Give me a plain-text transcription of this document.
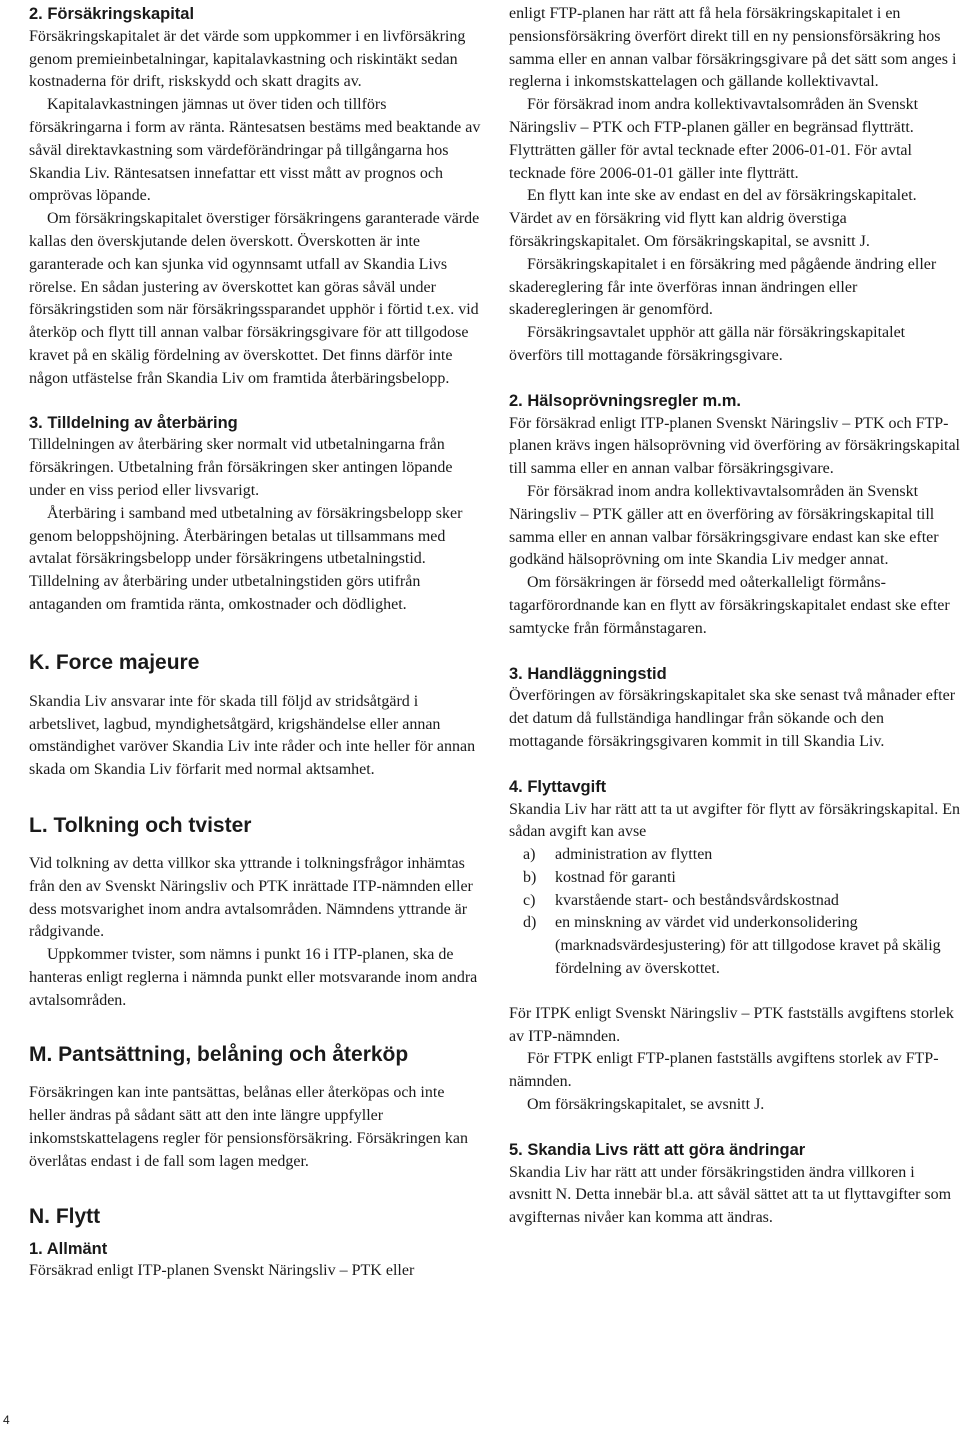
2. Försäkringskapital

Försäkringskapitalet är det värde som uppkommer i en livförsäkring genom premieinbetalningar, kapitalavkastning och riskintäkt sedan kostnaderna för drift, riskskydd och skatt dragits av.

Kapitalavkastningen jämnas ut över tiden och tillförs försäkringarna i form av ränta. Räntesatsen bestäms med beaktande av såväl direktavkastning som värdeförändringar på tillgångarna hos Skandia Liv. Räntesatsen innefattar ett visst mått av prognos och omprövas löpande.

Om försäkringskapitalet överstiger försäkringens garanterade värde kallas den överskjutande delen överskott. Överskotten är inte garanterade och kan sjunka vid ogynnsamt utfall av Skandia Livs rörelse. En sådan justering av överskottet kan göras såväl under försäkringstiden som när försäkringssparandet upphör i förtid t.ex. vid återköp och flytt till annan valbar försäkringsgivare för att tillgodose kravet på en skälig fördelning av överskottet. Det finns därför inte någon utfästelse från Skandia Liv om framtida återbäringsbelopp.

3. Tilldelning av återbäring

Tilldelningen av återbäring sker normalt vid utbetalningarna från försäkringen. Utbetalning från försäkringen sker antingen löpande under en viss period eller livsvarigt.

Återbäring i samband med utbetalning av försäkringsbelopp sker genom beloppshöjning. Återbäringen betalas ut tillsammans med avtalat försäkringsbelopp under försäkringens utbetalningstid. Tilldelning av återbäring under utbetalningstiden görs utifrån antaganden om framtida ränta, omkostnader och dödlighet.

K. Force majeure

Skandia Liv ansvarar inte för skada till följd av stridsåtgärd i arbetslivet, lagbud, myndighetsåtgärd, krigshändelse eller annan omständighet varöver Skandia Liv inte råder och inte heller för annan skada om Skandia Liv förfarit med normal aktsamhet.

L. Tolkning och tvister

Vid tolkning av detta villkor ska yttrande i tolkningsfrågor inhämtas från den av Svenskt Näringsliv och PTK inrättade ITP-nämnden eller dess motsvarighet inom andra avtalsområden. Nämndens yttrande är rådgivande.

Uppkommer tvister, som nämns i punkt 16 i ITP-planen, ska de hanteras enligt reglerna i nämnda punkt eller motsvarande inom andra avtalsområden.

M. Pantsättning, belåning och återköp

Försäkringen kan inte pantsättas, belånas eller återköpas och inte heller ändras på sådant sätt att den inte längre uppfyller inkomstskattelagens regler för pensionsförsäkring. Försäkringen kan överlåtas endast i de fall som lagen medger.

N. Flytt
1. Allmänt

Försäkrad enligt ITP-planen Svenskt Näringsliv – PTK eller

enligt FTP-planen har rätt att få hela försäkringskapitalet i en pensionsförsäkring överfört direkt till en ny pensionsförsäkring hos samma eller en annan valbar försäkringsgivare på det sätt som anges i reglerna i inkomstskattelagen och gällande kollektivavtal.

För försäkrad inom andra kollektivavtalsområden än Svenskt Näringsliv – PTK och FTP-planen gäller en begränsad flytträtt. Flytträtten gäller för avtal tecknade efter 2006-01-01. För avtal tecknade före 2006-01-01 gäller inte flytträtt.

En flytt kan inte ske av endast en del av försäkringskapitalet. Värdet av en försäkring vid flytt kan aldrig överstiga försäkringskapitalet. Om försäkringskapital, se avsnitt J.

Försäkringskapitalet i en försäkring med pågående ändring eller skadereglering får inte överföras innan ändringen eller skaderegleringen är genomförd.

Försäkringsavtalet upphör att gälla när försäkringskapitalet överförs till mottagande försäkringsgivare.

2. Hälsoprövningsregler m.m.

För försäkrad enligt ITP-planen Svenskt Näringsliv – PTK och FTP-planen krävs ingen hälsoprövning vid överföring av försäkringskapital till samma eller en annan valbar försäkringsgivare.

För försäkrad inom andra kollektivavtalsområden än Svenskt Näringsliv – PTK gäller att en överföring av försäkringskapital till samma eller en annan valbar försäkringsgivare endast kan ske efter godkänd hälsoprövning om inte Skandia Liv medger annat.

Om försäkringen är försedd med oåterkalleligt förmånstagarförordnande kan en flytt av försäkringskapitalet endast ske efter samtycke från förmånstagaren.

3. Handläggningstid

Överföringen av försäkringskapitalet ska ske senast två månader efter det datum då fullständiga handlingar från sökande och den mottagande försäkringsgivaren kommit in till Skandia Liv.

4. Flyttavgift

Skandia Liv har rätt att ta ut avgifter för flytt av försäkringskapital. En sådan avgift kan avse

a)	administration av flytten
b)	kostnad för garanti
c)	kvarstående start- och beståndsvårdskostnad
d)	en minskning av värdet vid underkonsolidering (marknadsvärdesjustering) för att tillgodose kravet på skälig fördelning av överskottet.

För ITPK enligt Svenskt Näringsliv – PTK fastställs avgiftens storlek av ITP-nämnden.

För FTPK enligt FTP-planen fastställs avgiftens storlek av FTP-nämnden.

Om försäkringskapitalet, se avsnitt J.

5. Skandia Livs rätt att göra ändringar

Skandia Liv har rätt att under försäkringstiden ändra villkoren i avsnitt N. Detta innebär bl.a. att såväl sättet att ta ut flyttavgifter som avgifternas nivåer kan komma att ändras.

4
